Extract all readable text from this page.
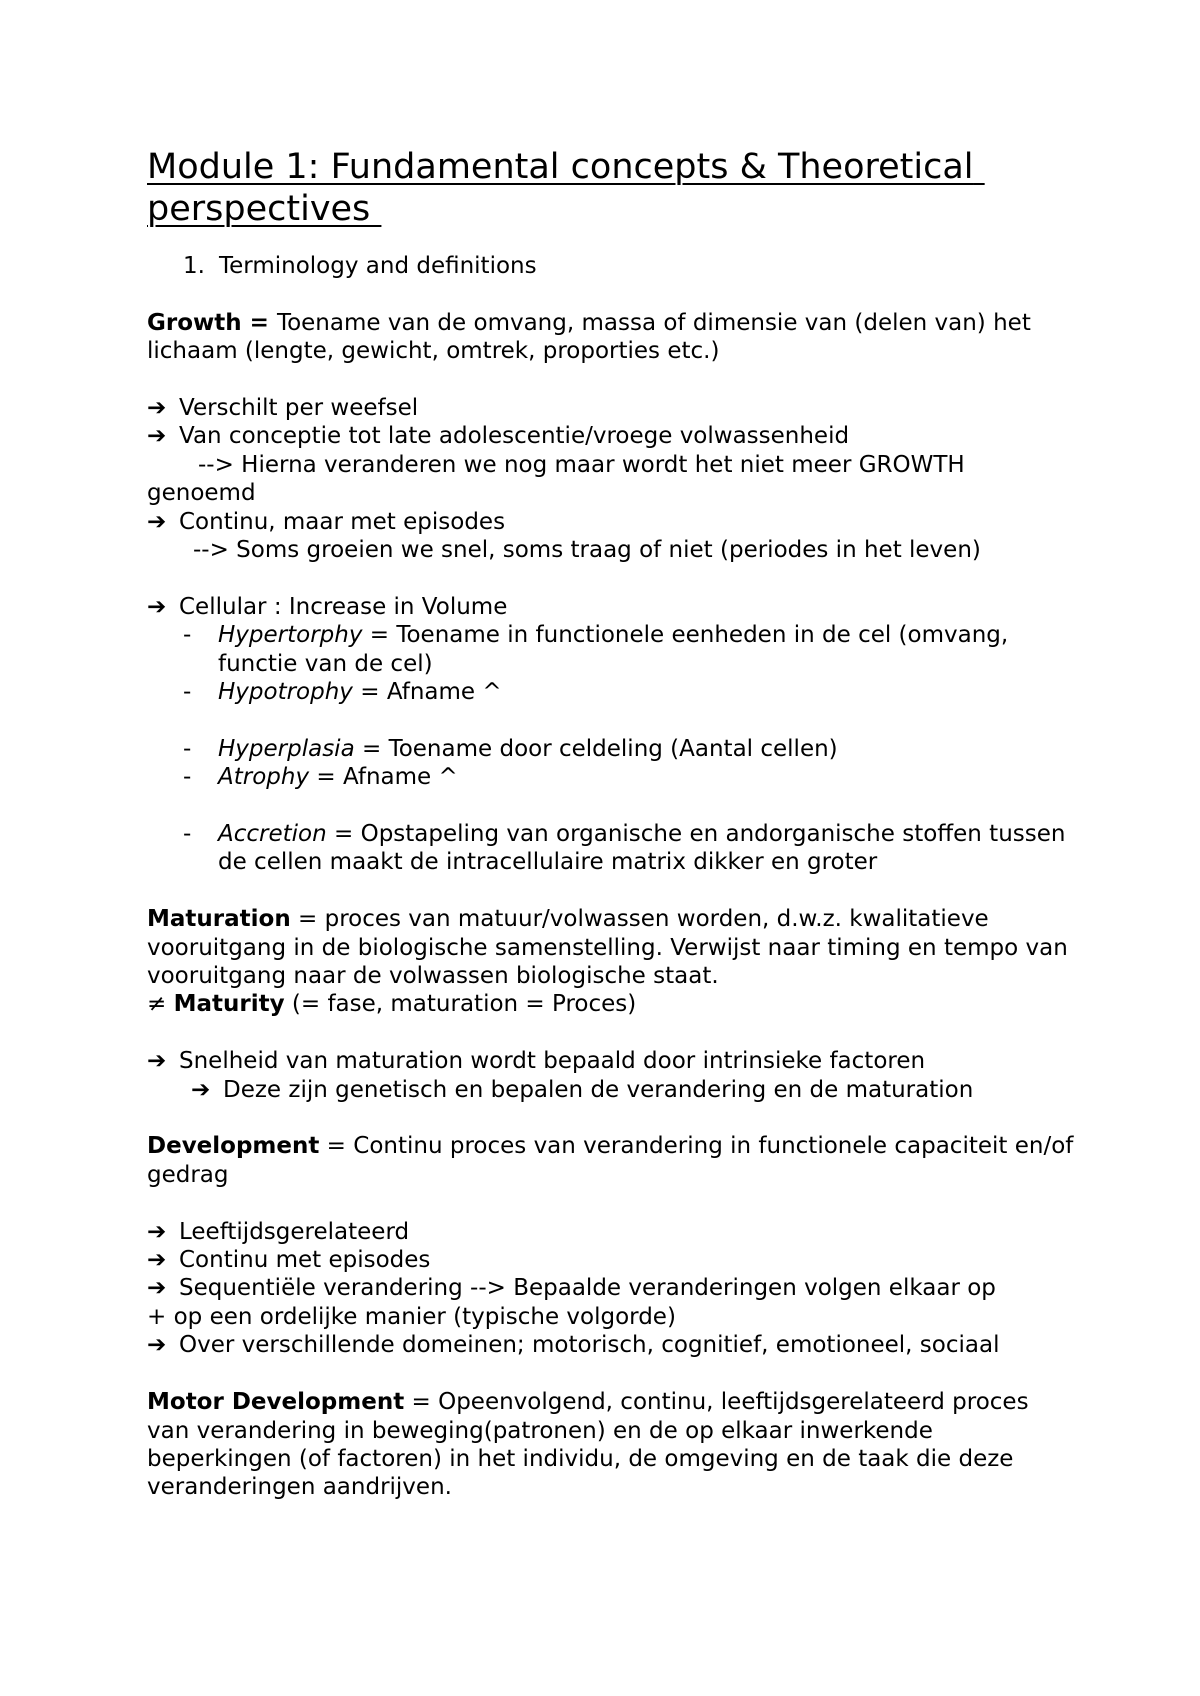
Module 1: Fundamental concepts & Theoretical perspectives
1. Terminology and definitions

Growth = Toename van de omvang, massa of dimensie van (delen van) het lichaam (lengte, gewicht, omtrek, proporties etc.)

➔ Verschilt per weefsel

➔ Van conceptie tot late adolescentie/vroege volwassenheid

--> Hierna veranderen we nog maar wordt het niet meer GROWTH

genoemd

➔ Continu, maar met episodes

--> Soms groeien we snel, soms traag of niet (periodes in het leven)

➔ Cellular : Increase in Volume

-	Hypertorphy = Toename in functionele eenheden in de cel (omvang, functie van de cel)
-	Hypotrophy = Afname ^
-	Hyperplasia = Toename door celdeling (Aantal cellen)
-	Atrophy = Afname ^
-	Accretion = Opstapeling van organische en andorganische stoffen tussen de cellen maakt de intracellulaire matrix dikker en groter

Maturation = proces van matuur/volwassen worden, d.w.z. kwalitatieve vooruitgang in de biologische samenstelling. Verwijst naar timing en tempo van vooruitgang naar de volwassen biologische staat.

≠ Maturity (= fase, maturation = Proces)

➔ Snelheid van maturation wordt bepaald door intrinsieke factoren

➔ Deze zijn genetisch en bepalen de verandering en de maturation

Development = Continu proces van verandering in functionele capaciteit en/of gedrag

➔ Leeftijdsgerelateerd

➔ Continu met episodes

➔ Sequentiële verandering --> Bepaalde veranderingen volgen elkaar op

+ op een ordelijke manier (typische volgorde)

➔ Over verschillende domeinen; motorisch, cognitief, emotioneel, sociaal

Motor Development = Opeenvolgend, continu, leeftijdsgerelateerd proces van verandering in beweging(patronen) en de op elkaar inwerkende beperkingen (of factoren) in het individu, de omgeving en de taak die deze veranderingen aandrijven.
